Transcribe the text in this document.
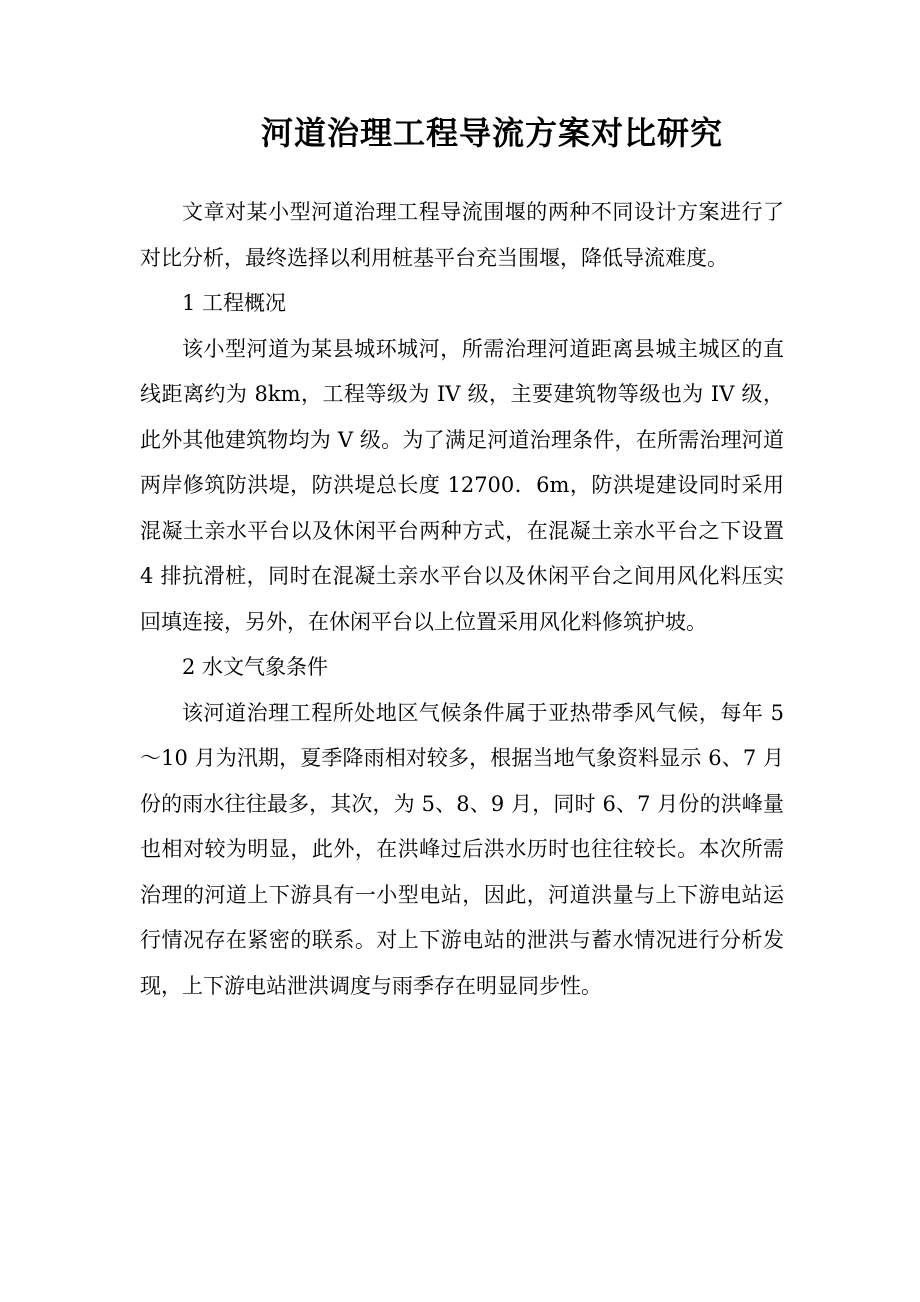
河道治理工程导流方案对比研究

文章对某小型河道治理工程导流围堰的两种不同设计方案进行了对比分析，最终选择以利用桩基平台充当围堰，降低导流难度。

1 工程概况

该小型河道为某县城环城河，所需治理河道距离县城主城区的直线距离约为 8km，工程等级为 IV 级，主要建筑物等级也为 IV 级，此外其他建筑物均为 V 级。为了满足河道治理条件，在所需治理河道两岸修筑防洪堤，防洪堤总长度 12700．6m，防洪堤建设同时采用混凝土亲水平台以及休闲平台两种方式，在混凝土亲水平台之下设置 4 排抗滑桩，同时在混凝土亲水平台以及休闲平台之间用风化料压实回填连接，另外，在休闲平台以上位置采用风化料修筑护坡。

2 水文气象条件

该河道治理工程所处地区气候条件属于亚热带季风气候，每年 5～10 月为汛期，夏季降雨相对较多，根据当地气象资料显示 6、7 月份的雨水往往最多，其次，为 5、8、9 月，同时 6、7 月份的洪峰量也相对较为明显，此外，在洪峰过后洪水历时也往往较长。本次所需治理的河道上下游具有一小型电站，因此，河道洪量与上下游电站运行情况存在紧密的联系。对上下游电站的泄洪与蓄水情况进行分析发现，上下游电站泄洪调度与雨季存在明显同步性。
